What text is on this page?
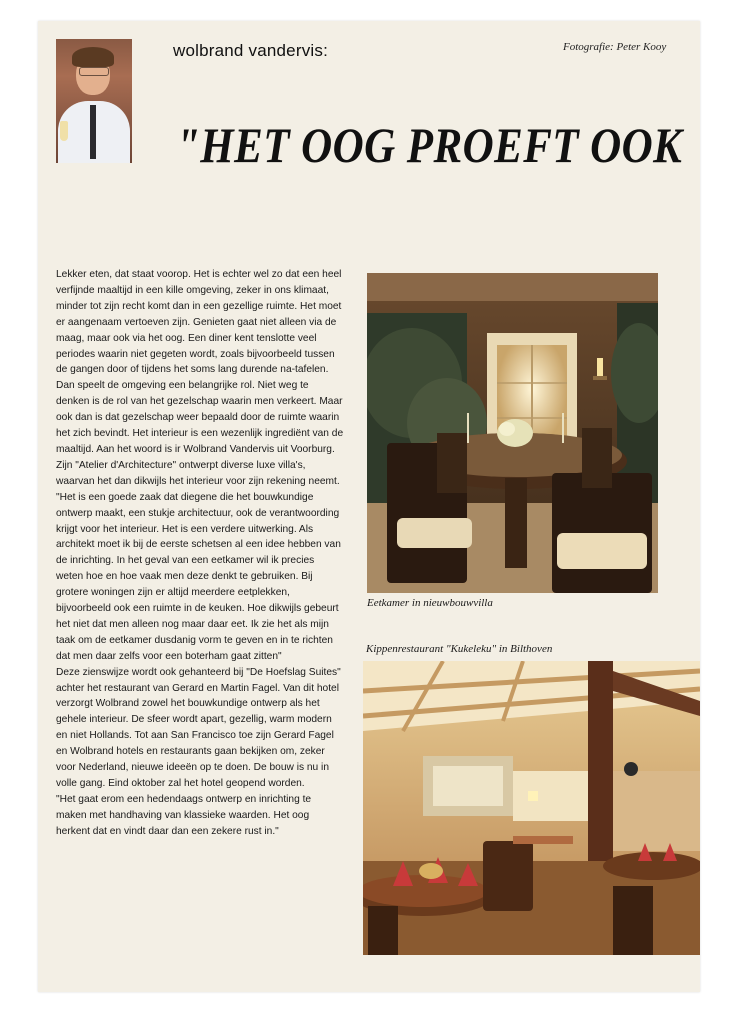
wolbrand vandervis:	Fotografie: Peter Kooy
"HET OOG PROEFT OOK

Lekker eten, dat staat voorop. Het is echter wel zo dat een heel verfijnde maaltijd in een kille omgeving, zeker in ons klimaat, minder tot zijn recht komt dan in een gezellige ruimte. Het moet er aangenaam vertoeven zijn. Genieten gaat niet alleen via de maag, maar ook via het oog. Een diner kent tenslotte veel periodes waarin niet gegeten wordt, zoals bijvoorbeeld tussen de gangen door of tijdens het soms lang durende na-tafelen. Dan speelt de omgeving een belangrijke rol. Niet weg te denken is de rol van het gezelschap waarin men verkeert. Maar ook dan is dat gezelschap weer bepaald door de ruimte waarin het zich bevindt. Het interieur is een wezenlijk ingrediënt van de maaltijd. Aan het woord is ir Wolbrand Vandervis uit Voorburg. Zijn "Atelier d'Architecture" ontwerpt diverse luxe villa's, waarvan het dan dikwijls het interieur voor zijn rekening neemt. "Het is een goede zaak dat diegene die het bouwkundige ontwerp maakt, een stukje architectuur, ook de verantwoording krijgt voor het interieur. Het is een verdere uitwerking. Als architekt moet ik bij de eerste schetsen al een idee hebben van de inrichting. In het geval van een eetkamer wil ik precies weten hoe en hoe vaak men deze denkt te gebruiken. Bij grotere woningen zijn er altijd meerdere eetplekken, bijvoorbeeld ook een ruimte in de keuken. Hoe dikwijls gebeurt het niet dat men alleen nog maar daar eet. Ik zie het als mijn taak om de eetkamer dusdanig vorm te geven en in te richten dat men daar zelfs voor een boterham gaat zitten"

Deze zienswijze wordt ook gehanteerd bij "De Hoefslag Suites" achter het restaurant van Gerard en Martin Fagel. Van dit hotel verzorgt Wolbrand zowel het bouwkundige ontwerp als het gehele interieur. De sfeer wordt apart, gezellig, warm modern en niet Hollands. Tot aan San Francisco toe zijn Gerard Fagel en Wolbrand hotels en restaurants gaan bekijken om, zeker voor Nederland, nieuwe ideeën op te doen. De bouw is nu in volle gang. Eind oktober zal het hotel geopend worden.

"Het gaat erom een hedendaags ontwerp en inrichting te maken met handhaving van klassieke waarden. Het oog herkent dat en vindt daar dan een zekere rust in."

Eetkamer in nieuwbouwvilla
Kippenrestaurant "Kukeleku" in Bilthoven
